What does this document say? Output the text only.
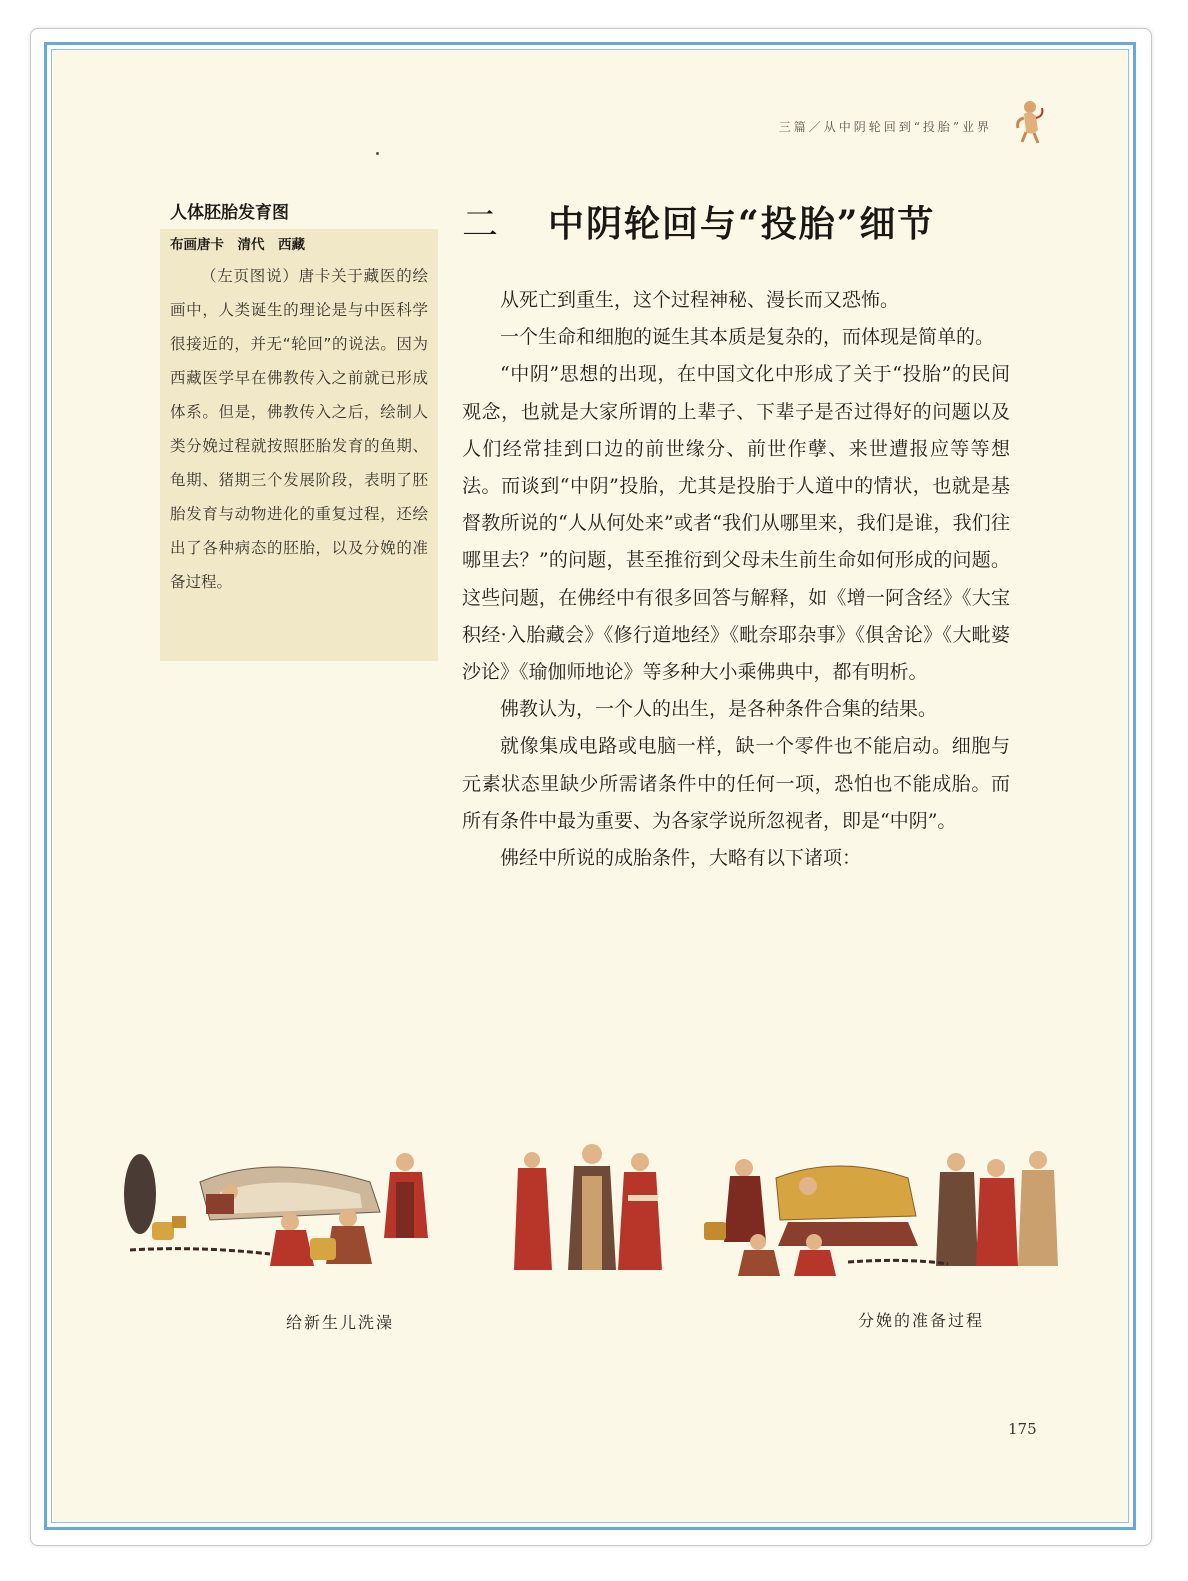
三篇／从中阴轮回到“投胎”业界
人体胚胎发育图
布画唐卡　清代　西藏

（左页图说）唐卡关于藏医的绘画中，人类诞生的理论是与中医科学很接近的，并无“轮回”的说法。因为西藏医学早在佛教传入之前就已形成体系。但是，佛教传入之后，绘制人类分娩过程就按照胚胎发育的鱼期、龟期、猪期三个发展阶段，表明了胚胎发育与动物进化的重复过程，还绘出了各种病态的胚胎，以及分娩的准备过程。

二 中阴轮回与“投胎”细节

从死亡到重生，这个过程神秘、漫长而又恐怖。

一个生命和细胞的诞生其本质是复杂的，而体现是简单的。

“中阴”思想的出现，在中国文化中形成了关于“投胎”的民间观念，也就是大家所谓的上辈子、下辈子是否过得好的问题以及人们经常挂到口边的前世缘分、前世作孽、来世遭报应等等想法。而谈到“中阴”投胎，尤其是投胎于人道中的情状，也就是基督教所说的“人从何处来”或者“我们从哪里来，我们是谁，我们往哪里去？”的问题，甚至推衍到父母未生前生命如何形成的问题。这些问题，在佛经中有很多回答与解释，如《增一阿含经》《大宝积经·入胎藏会》《修行道地经》《毗奈耶杂事》《俱舍论》《大毗婆沙论》《瑜伽师地论》等多种大小乘佛典中，都有明析。

佛教认为，一个人的出生，是各种条件合集的结果。

就像集成电路或电脑一样，缺一个零件也不能启动。细胞与元素状态里缺少所需诸条件中的任何一项，恐怕也不能成胎。而所有条件中最为重要、为各家学说所忽视者，即是“中阴”。

佛经中所说的成胎条件，大略有以下诸项：

给新生儿洗澡	分娩的准备过程
175
